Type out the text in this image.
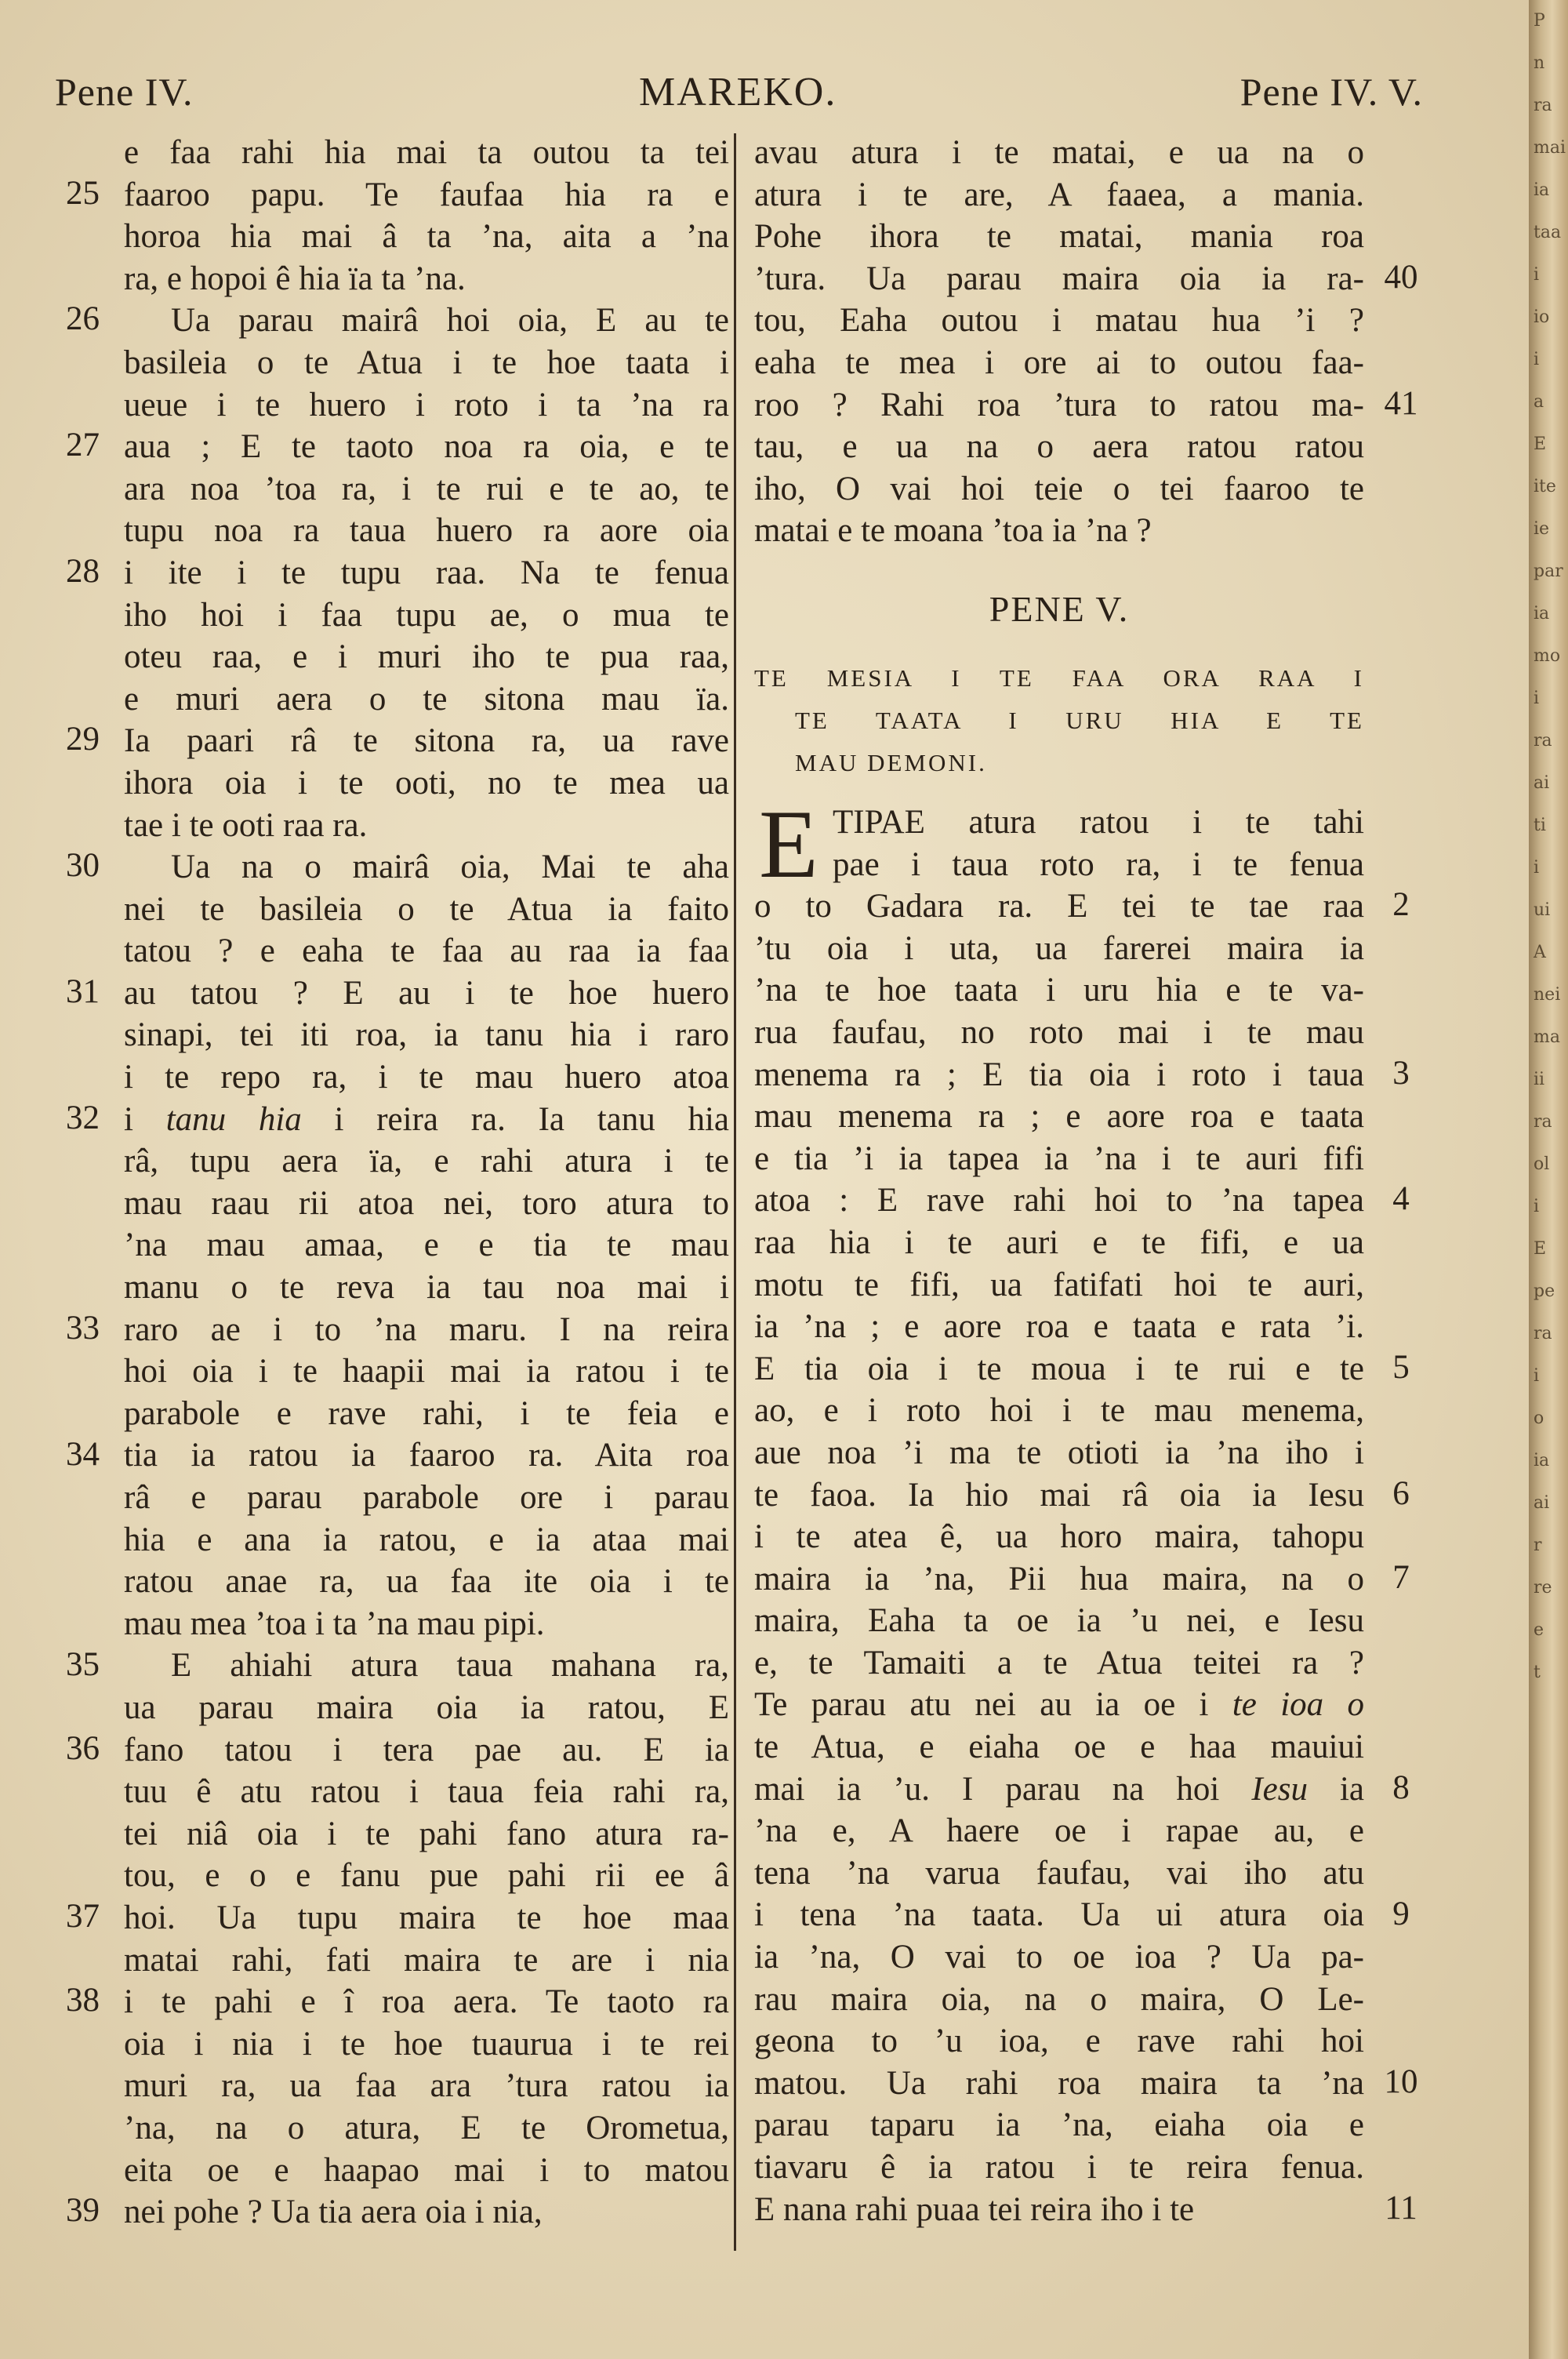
Pene IV.	MAREKO.	Pene IV. V.
e faa rahi hia mai ta outou ta tei
faaroo papu. Te faufaa hia ra e
horoa hia mai â ta ’na, aita a ’na
ra, e hopoi ê hia ïa ta ’na.
Ua parau mairâ hoi oia, E au te
basileia o te Atua i te hoe taata i
ueue i te huero i roto i ta ’na ra
aua ; E te taoto noa ra oia, e te
ara noa ’toa ra, i te rui e te ao, te
tupu noa ra taua huero ra aore oia
i ite i te tupu raa. Na te fenua
iho hoi i faa tupu ae, o mua te
oteu raa, e i muri iho te pua raa,
e muri aera o te sitona mau ïa.
Ia paari râ te sitona ra, ua rave
ihora oia i te ooti, no te mea ua
tae i te ooti raa ra.
Ua na o mairâ oia, Mai te aha
nei te basileia o te Atua ia faito
tatou ? e eaha te faa au raa ia faa
au tatou ? E au i te hoe huero
sinapi, tei iti roa, ia tanu hia i raro
i te repo ra, i te mau huero atoa
i tanu hia i reira ra. Ia tanu hia
râ, tupu aera ïa, e rahi atura i te
mau raau rii atoa nei, toro atura to
’na mau amaa, e e tia te mau
manu o te reva ia tau noa mai i
raro ae i to ’na maru. I na reira
hoi oia i te haapii mai ia ratou i te
parabole e rave rahi, i te feia e
tia ia ratou ia faaroo ra. Aita roa
râ e parau parabole ore i parau
hia e ana ia ratou, e ia ataa mai
ratou anae ra, ua faa ite oia i te
mau mea ’toa i ta ’na mau pipi.
E ahiahi atura taua mahana ra,
ua parau maira oia ia ratou, E
fano tatou i tera pae au. E ia
tuu ê atu ratou i taua feia rahi ra,
tei niâ oia i te pahi fano atura ra-
tou, e o e fanu pue pahi rii ee â
hoi. Ua tupu maira te hoe maa
matai rahi, fati maira te are i nia
i te pahi e î roa aera. Te taoto ra
oia i nia i te hoe tuaurua i te rei
muri ra, ua faa ara ’tura ratou ia
’na, na o atura, E te Orometua,
eita oe e haapao mai i to matou
nei pohe ? Ua tia aera oia i nia,
25
26
27
28
29
30
31
32
33
34
35
36
37
38
39
avau atura i te matai, e ua na o
atura i te are, A faaea, a mania.
Pohe ihora te matai, mania roa
’tura. Ua parau maira oia ia ra-
tou, Eaha outou i matau hua ’i ?
eaha te mea i ore ai to outou faa-
roo ? Rahi roa ’tura to ratou ma-
tau, e ua na o aera ratou ratou
iho, O vai hoi teie o tei faaroo te
matai e te moana ’toa ia ’na ?
40
41
PENE V.
TE MESIA I TE FAA ORA RAA I
TE TAATA I URU HIA E TE
MAU DEMONI.
E TIPAE atura ratou i te tahi
pae i taua roto ra, i te fenua
o to Gadara ra. E tei te tae raa
’tu oia i uta, ua farerei maira ia
’na te hoe taata i uru hia e te va-
rua faufau, no roto mai i te mau
menema ra ; E tia oia i roto i taua
mau menema ra ; e aore roa e taata
e tia ’i ia tapea ia ’na i te auri fifi
atoa : E rave rahi hoi to ’na tapea
raa hia i te auri e te fifi, e ua
motu te fifi, ua fatifati hoi te auri,
ia ’na ; e aore roa e taata e rata ’i.
E tia oia i te moua i te rui e te
ao, e i roto hoi i te mau menema,
aue noa ’i ma te otioti ia ’na iho i
te faoa. Ia hio mai râ oia ia Iesu
i te atea ê, ua horo maira, tahopu
maira ia ’na, Pii hua maira, na o
maira, Eaha ta oe ia ’u nei, e Iesu
e, te Tamaiti a te Atua teitei ra ?
Te parau atu nei au ia oe i te ioa o
te Atua, e eiaha oe e haa mauiui
mai ia ’u. I parau na hoi Iesu ia
’na e, A haere oe i rapae au, e
tena ’na varua faufau, vai iho atu
i tena ’na taata. Ua ui atura oia
ia ’na, O vai to oe ioa ? Ua pa-
rau maira oia, na o maira, O Le-
geona to ’u ioa, e rave rahi hoi
matou. Ua rahi roa maira ta ’na
parau taparu ia ’na, eiaha oia e
tiavaru ê ia ratou i te reira fenua.
E nana rahi puaa tei reira iho i te
2
3
4
5
6
7
8
9
10
11
P
n
ra
mai
ia
taa
i
io
i
a
E
ite
ie
par
ia
mo
i
ra
ai
ti
i
ui
A
nei
ma
ii
ra
ol
i
E
pe
ra
i
o
ia
ai
r
re
e
t
